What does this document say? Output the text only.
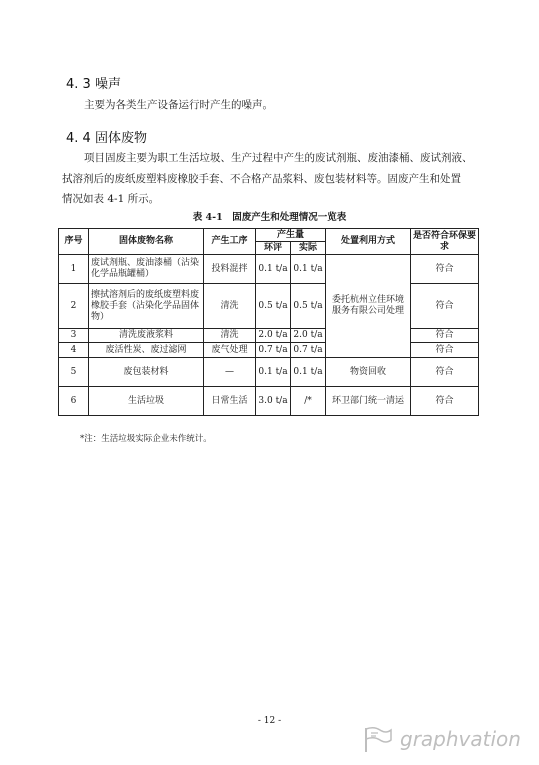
4. 3 噪声
主要为各类生产设备运行时产生的噪声。
4. 4 固体废物
项目固废主要为职工生活垃圾、生产过程中产生的废试剂瓶、废油漆桶、废试剂液、
拭溶剂后的废纸废塑料废橡胶手套、不合格产品浆料、废包装材料等。固废产生和处置
情况如表 4-1 所示。
表 4-1　固废产生和处理情况一览表
序号	固体废物名称	产生工序	产生量		处置利用方式	是否符合环保要求
			环评	实际		
1	废试剂瓶、废油漆桶（沾染化学品瓶罐桶）	投料混拌	0.1 t/a	0.1 t/a	委托杭州立佳环境服务有限公司处理	符合
2	擦拭溶剂后的废纸废塑料废橡胶手套（沾染化学品固体物）	清洗	0.5 t/a	0.5 t/a		符合
3	清洗废液浆料	清洗	2.0 t/a	2.0 t/a		符合
4	废活性炭、废过滤网	废气处理	0.7 t/a	0.7 t/a		符合
5	废包装材料	—	0.1 t/a	0.1 t/a	物资回收	符合
6	生活垃圾	日常生活	3.0 t/a	/*	环卫部门统一清运	符合
*注：生活垃圾实际企业未作统计。
- 12 -
graphvation
